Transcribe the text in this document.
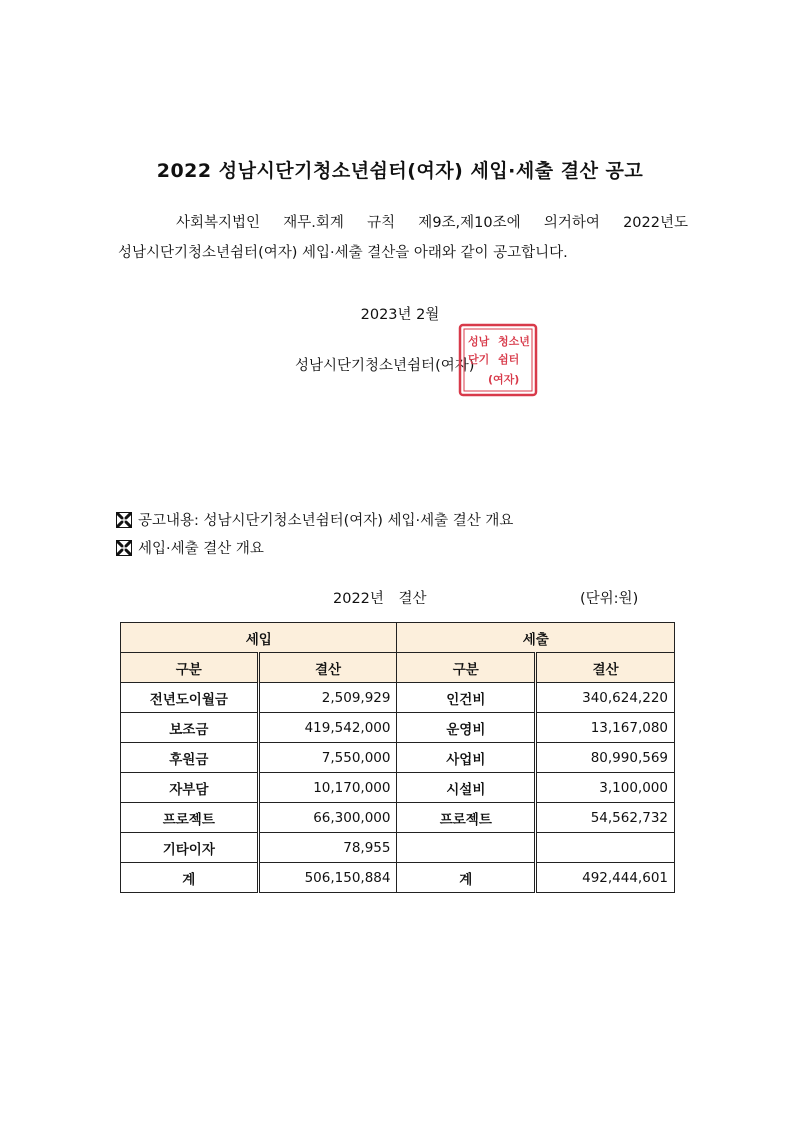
2022 성남시단기청소년쉼터(여자) 세입·세출 결산 공고
사회복지법인 재무.회계 규칙 제9조,제10조에 의거하여 2022년도
성남시단기청소년쉼터(여자) 세입·세출 결산을 아래와 같이 공고합니다.
2023년 2월
성남시단기청소년쉼터(여자)
성남
단기
청소년
쉼터
(여자)
공고내용: 성남시단기청소년쉼터(여자) 세입·세출 결산 개요
세입·세출 결산 개요
2022년 결산	(단위:원)
세입		세출	
구분	결산	구분	결산
전년도이월금	2,509,929	인건비	340,624,220
보조금	419,542,000	운영비	13,167,080
후원금	7,550,000	사업비	80,990,569
자부담	10,170,000	시설비	3,100,000
프로젝트	66,300,000	프로젝트	54,562,732
기타이자	78,955		
계	506,150,884	계	492,444,601
